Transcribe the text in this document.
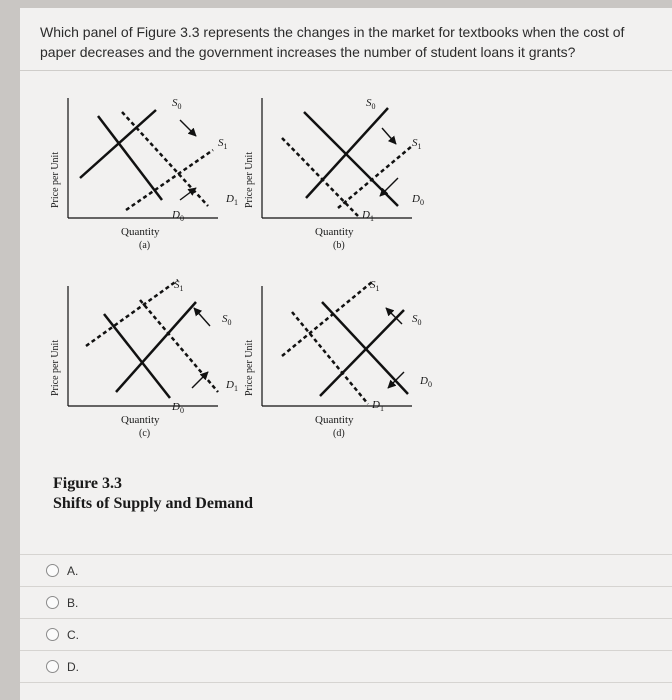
Which panel of Figure 3.3 represents the changes in the market for textbooks when the cost of paper decreases and the government increases the number of student loans it grants?
Price per Unit
Quantity
(a)
$S_0$
$S_1$
$D_0$
$D_1$ Price per Unit
Quantity
(b)
$S_0$
$S_1$
$D_0$
$D_1$
Price per Unit
Quantity
(c)
$S_1$
$S_0$
$D_0$
$D_1$ Price per Unit
Quantity
(d)
$S_1$
$S_0$
$D_0$
$D_1$
Figure 3.3
Shifts of Supply and Demand
A.
B.
C.
D.
